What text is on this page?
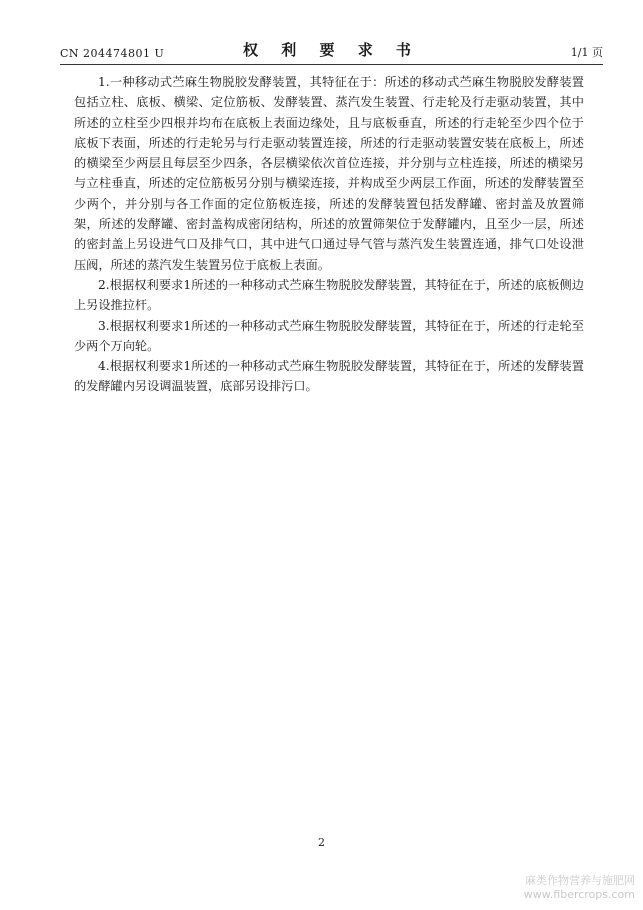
CN 204474801 U	权 利 要 求 书	1/1 页

1.一种移动式苎麻生物脱胶发酵装置，其特征在于：所述的移动式苎麻生物脱胶发酵装置包括立柱、底板、横梁、定位筋板、发酵装置、蒸汽发生装置、行走轮及行走驱动装置，其中所述的立柱至少四根并均布在底板上表面边缘处，且与底板垂直，所述的行走轮至少四个位于底板下表面，所述的行走轮另与行走驱动装置连接，所述的行走驱动装置安装在底板上，所述的横梁至少两层且每层至少四条，各层横梁依次首位连接，并分别与立柱连接，所述的横梁另与立柱垂直，所述的定位筋板另分别与横梁连接，并构成至少两层工作面，所述的发酵装置至少两个，并分别与各工作面的定位筋板连接，所述的发酵装置包括发酵罐、密封盖及放置筛架，所述的发酵罐、密封盖构成密闭结构，所述的放置筛架位于发酵罐内，且至少一层，所述的密封盖上另设进气口及排气口，其中进气口通过导气管与蒸汽发生装置连通，排气口处设泄压阀，所述的蒸汽发生装置另位于底板上表面。

2.根据权利要求1所述的一种移动式苎麻生物脱胶发酵装置，其特征在于，所述的底板侧边上另设推拉杆。

3.根据权利要求1所述的一种移动式苎麻生物脱胶发酵装置，其特征在于，所述的行走轮至少两个万向轮。

4.根据权利要求1所述的一种移动式苎麻生物脱胶发酵装置，其特征在于，所述的发酵装置的发酵罐内另设调温装置，底部另设排污口。

2
麻类作物营养与施肥网
www.fibercrops.com
